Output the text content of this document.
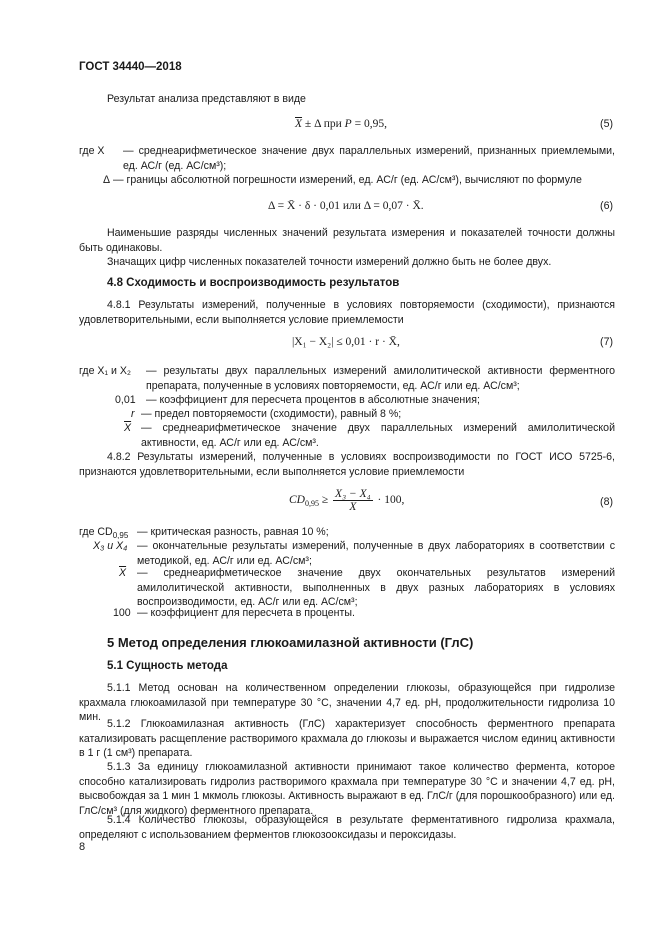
ГОСТ 34440—2018
Результат анализа представляют в виде
$\overline{X} \pm \Delta$ при P = 0,95,	(5)
где X	— среднеарифметическое значение двух параллельных измерений, признанных приемлемыми, ед. АС/г (ед. АС/см³);
Δ — границы абсолютной погрешности измерений, ед. АС/г (ед. АС/см³), вычисляют по формуле
Δ = X̄ · δ · 0,01 или Δ = 0,07 · X̄.	(6)
Наименьшие разряды численных значений результата измерения и показателей точности должны быть одинаковы.
Значащих цифр численных показателей точности измерений должно быть не более двух.
4.8 Сходимость и воспроизводимость результатов
4.8.1 Результаты измерений, полученные в условиях повторяемости (сходимости), признаются удовлетворительными, если выполняется условие приемлемости
|X₁ − X₂| ≤ 0,01 · r · X̄,	(7)
где X₁ и X₂ — результаты двух параллельных измерений амилолитической активности ферментного препарата, полученные в условиях повторяемости, ед. АС/г или ед. АС/см³;
0,01 — коэффициент для пересчета процентов в абсолютные значения;
r — предел повторяемости (сходимости), равный 8 %;
$\overline{X}$ — среднеарифметическое значение двух параллельных измерений амилолитической активности, ед. АС/г или ед. АС/см³.
4.8.2 Результаты измерений, полученные в условиях воспроизводимости по ГОСТ ИСО 5725-6, признаются удовлетворительными, если выполняется условие приемлемости
$CD_{0,95} \ge \frac{\text{X₃ − X₄}}{X} \cdot 100$,	(8)
где $CD_{0,95}$ — критическая разность, равная 10 %;
X₃ и X₄ — окончательные результаты измерений, полученные в двух лабораториях в соответствии с методикой, ед. АС/г или ед. АС/см³;
$\overline{X}$ — среднеарифметическое значение двух окончательных результатов измерений амилолитической активности, выполненных в двух разных лабораториях в условиях воспроизводимости, ед. АС/г или ед. АС/см³;
100 — коэффициент для пересчета в проценты.
5 Метод определения глюкоамилазной активности (ГлС)
5.1 Сущность метода
5.1.1 Метод основан на количественном определении глюкозы, образующейся при гидролизе крахмала глюкоамилазой при температуре 30 °С, значении 4,7 ед. рН, продолжительности гидролиза 10 мин.
5.1.2 Глюкоамилазная активность (ГлС) характеризует способность ферментного препарата катализировать расщепление растворимого крахмала до глюкозы и выражается числом единиц активности в 1 г (1 см³) препарата.
5.1.3 За единицу глюкоамилазной активности принимают такое количество фермента, которое способно катализировать гидролиз растворимого крахмала при температуре 30 °С и значении 4,7 ед. рН, высвобождая за 1 мин 1 мкмоль глюкозы. Активность выражают в ед. ГлС/г (для порошкообразного) или ед. ГлС/см³ (для жидкого) ферментного препарата.
5.1.4 Количество глюкозы, образующейся в результате ферментативного гидролиза крахмала, определяют с использованием ферментов глюкозооксидазы и пероксидазы.
8
